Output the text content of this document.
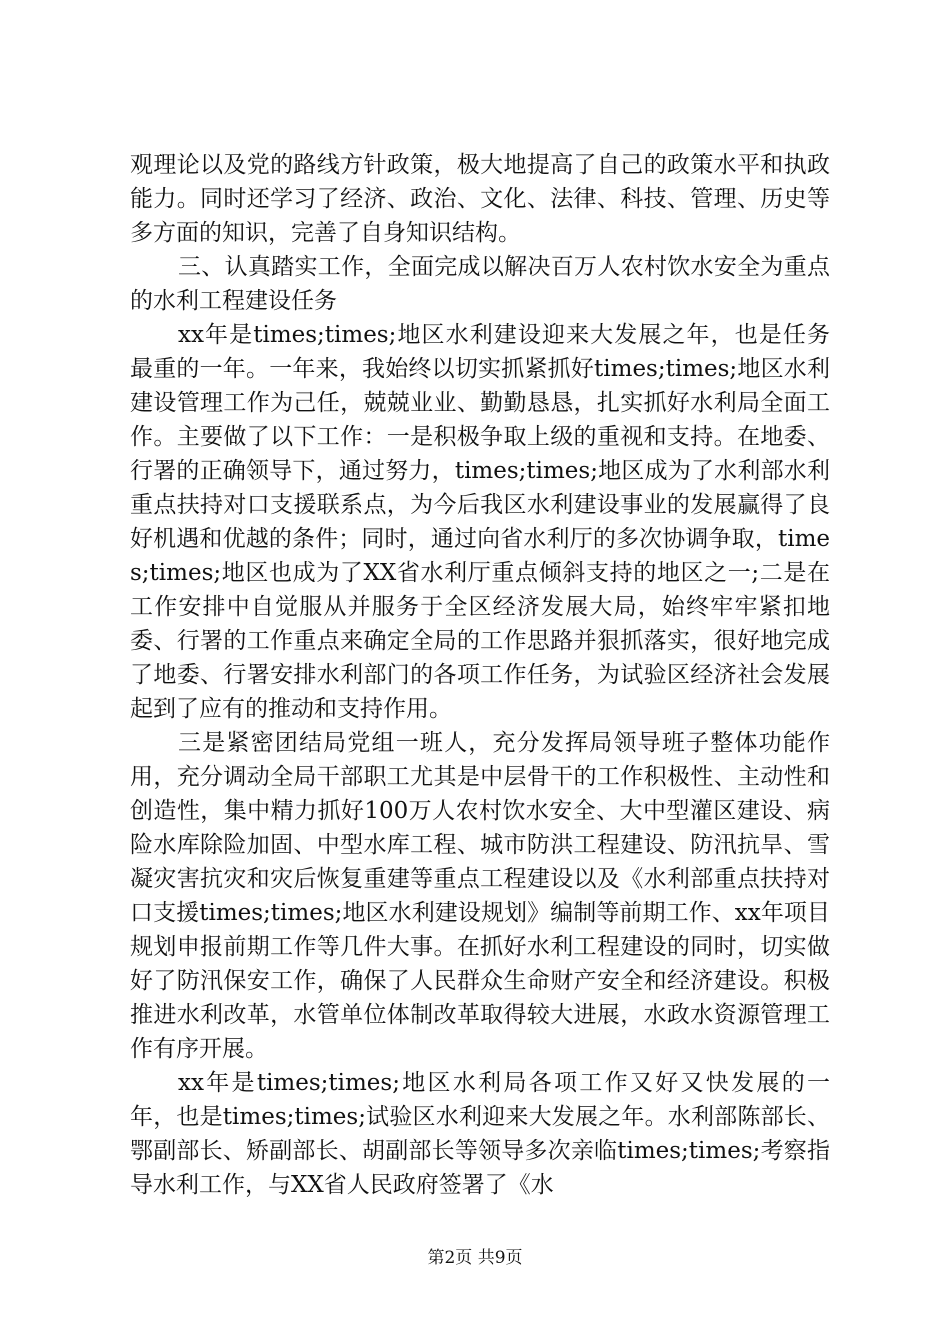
观理论以及党的路线方针政策，极大地提高了自己的政策水平和执政能力。同时还学习了经济、政治、文化、法律、科技、管理、历史等多方面的知识，完善了自身知识结构。

三、认真踏实工作，全面完成以解决百万人农村饮水安全为重点的水利工程建设任务

xx年是times;times;地区水利建设迎来大发展之年，也是任务最重的一年。一年来，我始终以切实抓紧抓好times;times;地区水利建设管理工作为己任，兢兢业业、勤勤恳恳，扎实抓好水利局全面工作。主要做了以下工作：一是积极争取上级的重视和支持。在地委、行署的正确领导下，通过努力，times;times;地区成为了水利部水利重点扶持对口支援联系点，为今后我区水利建设事业的发展赢得了良好机遇和优越的条件；同时，通过向省水利厅的多次协调争取，times;times;地区也成为了XX省水利厅重点倾斜支持的地区之一;二是在工作安排中自觉服从并服务于全区经济发展大局，始终牢牢紧扣地委、行署的工作重点来确定全局的工作思路并狠抓落实，很好地完成了地委、行署安排水利部门的各项工作任务，为试验区经济社会发展起到了应有的推动和支持作用。

三是紧密团结局党组一班人，充分发挥局领导班子整体功能作用，充分调动全局干部职工尤其是中层骨干的工作积极性、主动性和创造性，集中精力抓好100万人农村饮水安全、大中型灌区建设、病险水库除险加固、中型水库工程、城市防洪工程建设、防汛抗旱、雪凝灾害抗灾和灾后恢复重建等重点工程建设以及《水利部重点扶持对口支援times;times;地区水利建设规划》编制等前期工作、xx年项目规划申报前期工作等几件大事。在抓好水利工程建设的同时，切实做好了防汛保安工作，确保了人民群众生命财产安全和经济建设。积极推进水利改革，水管单位体制改革取得较大进展，水政水资源管理工作有序开展。

xx年是times;times;地区水利局各项工作又好又快发展的一年，也是times;times;试验区水利迎来大发展之年。水利部陈部长、鄂副部长、矫副部长、胡副部长等领导多次亲临times;times;考察指导水利工作，与XX省人民政府签署了《水

第2页 共9页
